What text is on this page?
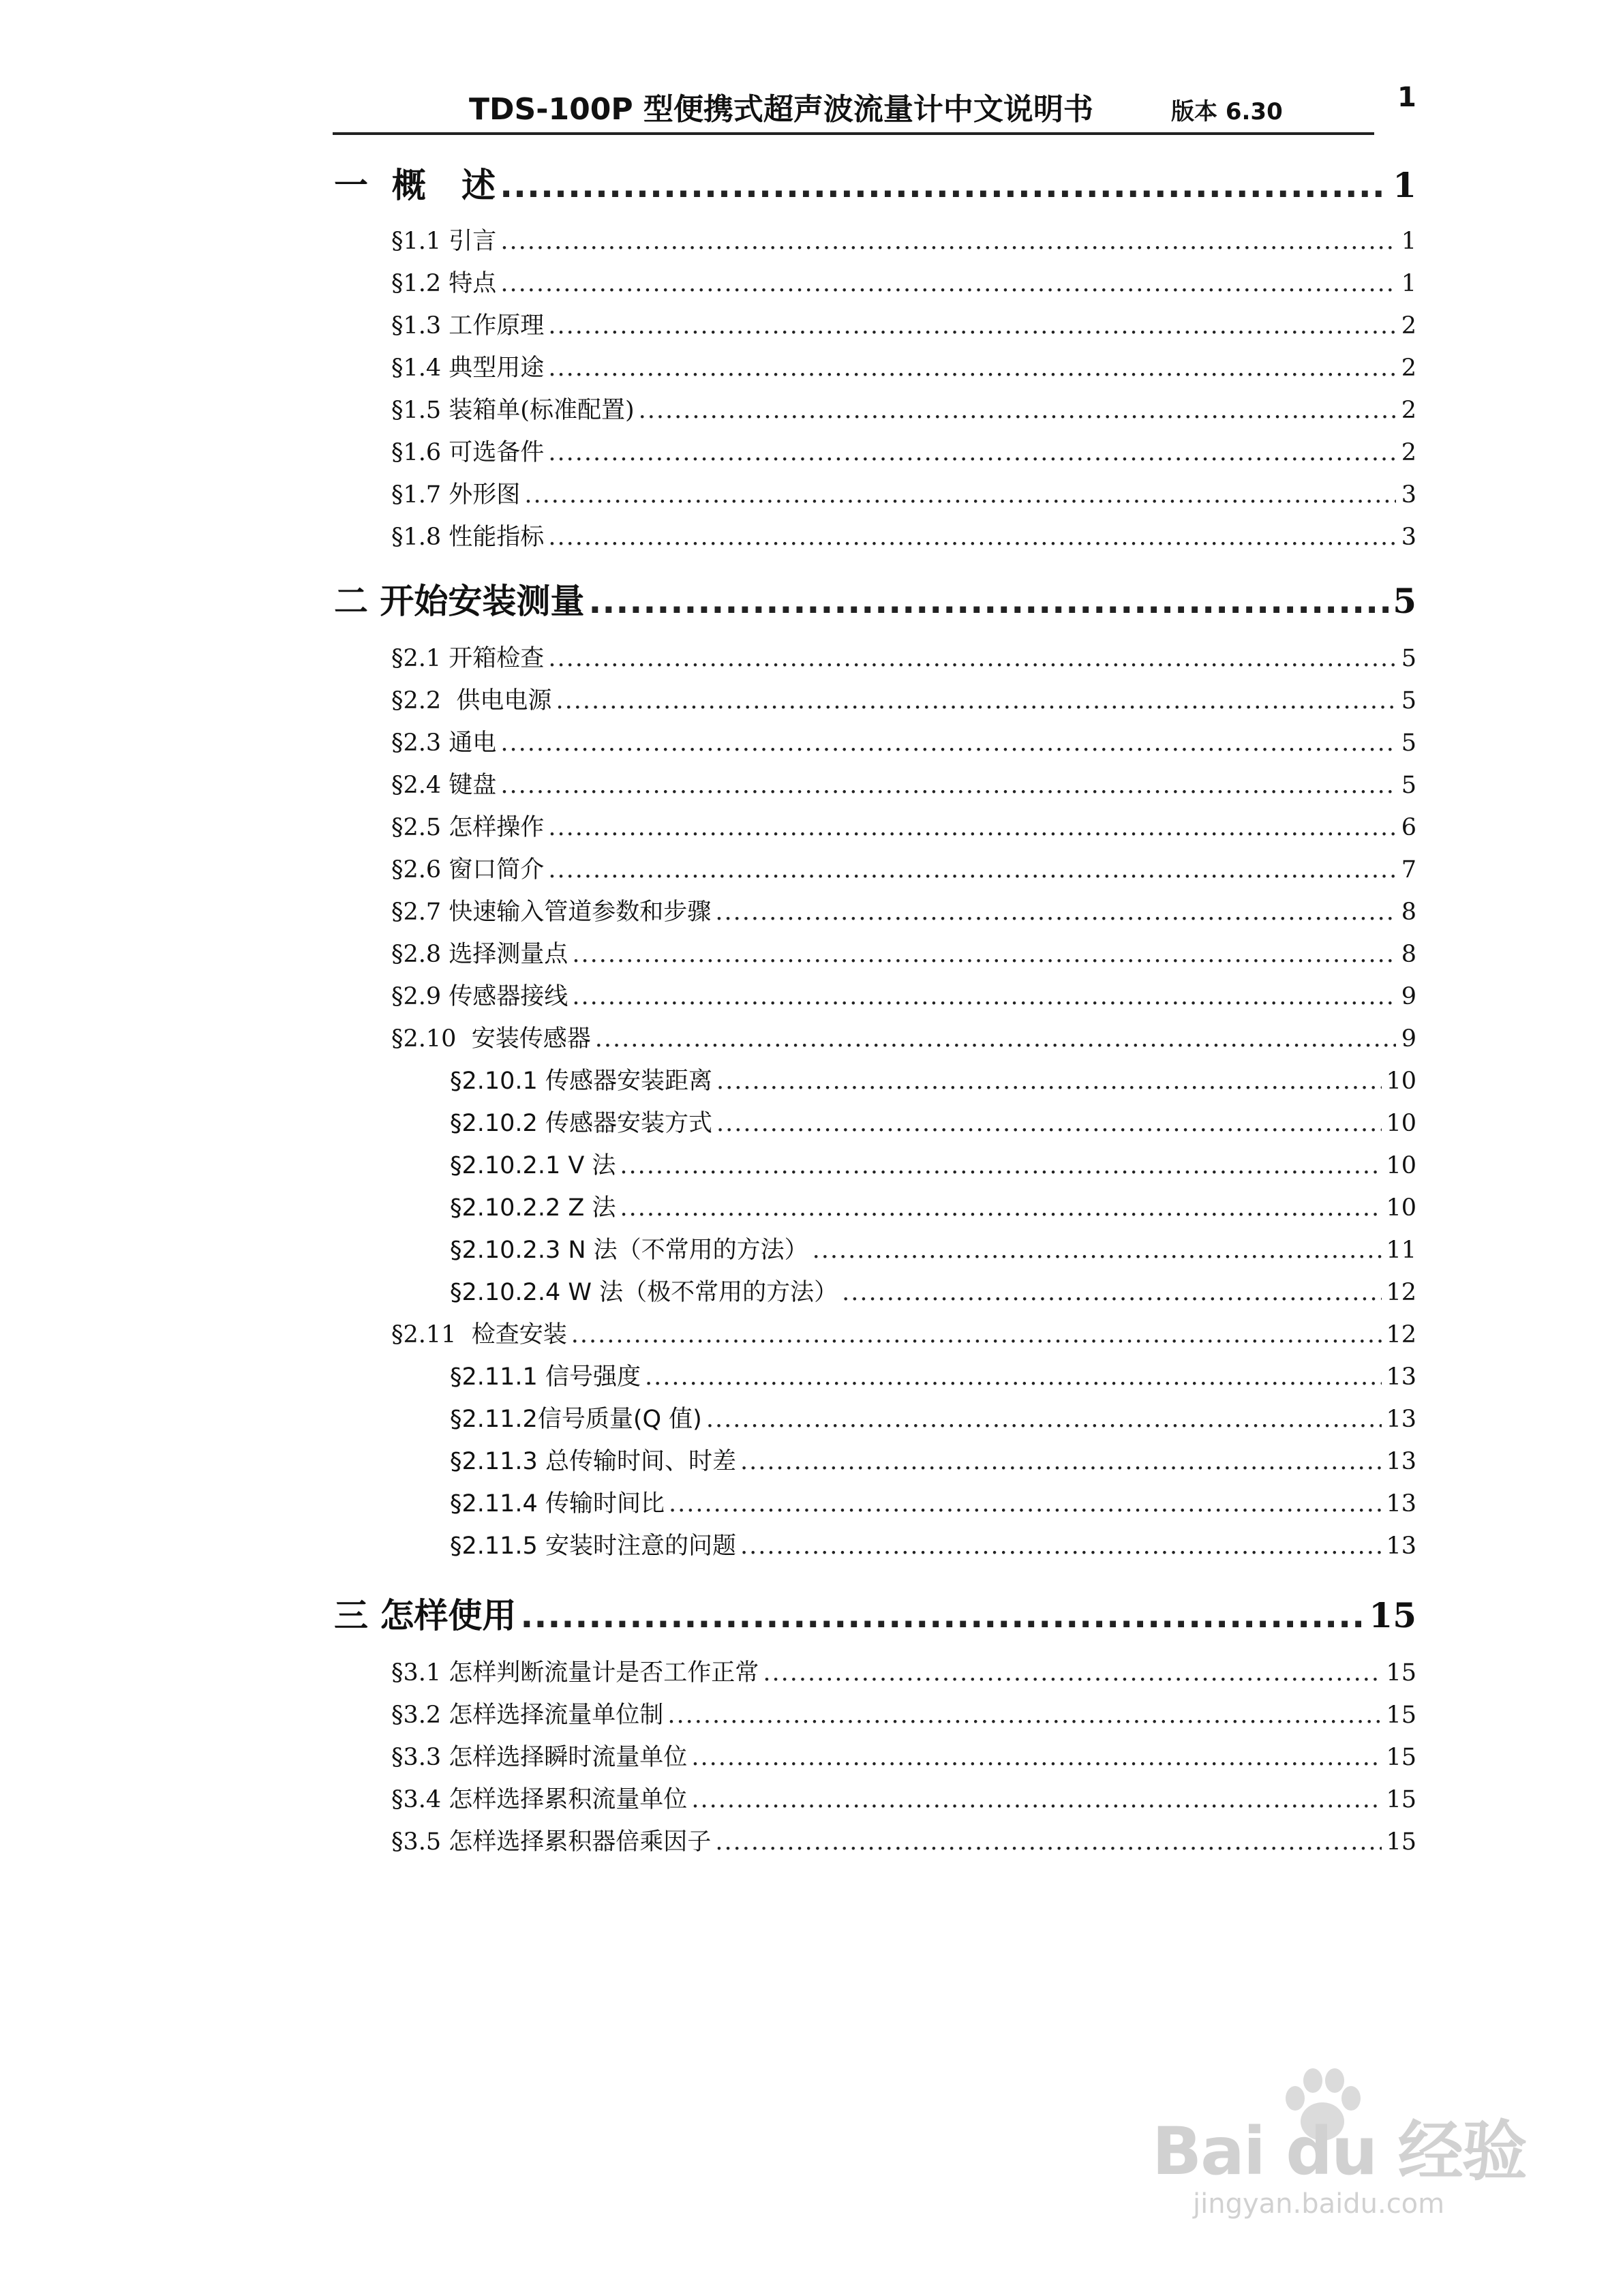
TDS-100P 型便携式超声波流量计中文说明书	版本 6.30	1
一  概 述 .....	1
§1.1 引言 .....	1
§1.2 特点 .....	1
§1.3 工作原理 .....	2
§1.4 典型用途 .....	2
§1.5 装箱单(标准配置) .....	2
§1.6 可选备件 .....	2
§1.7 外形图 .....	3
§1.8 性能指标 .....	3
二 开始安装测量 .....	5
§2.1 开箱检查 .....	5
§2.2 供电电源 .....	5
§2.3 通电 .....	5
§2.4 键盘 .....	5
§2.5 怎样操作 .....	6
§2.6 窗口简介 .....	7
§2.7 快速输入管道参数和步骤 .....	8
§2.8 选择测量点 .....	8
§2.9 传感器接线 .....	9
§2.10 安装传感器 .....	9
§2.10.1 传感器安装距离 .....	10
§2.10.2 传感器安装方式 .....	10
§2.10.2.1 V 法 .....	10
§2.10.2.2 Z 法 .....	10
§2.10.2.3 N 法（不常用的方法） .....	11
§2.10.2.4 W 法（极不常用的方法） .....	12
§2.11 检查安装 .....	12
§2.11.1 信号强度 .....	13
§2.11.2 信号质量(Q 值) .....	13
§2.11.3 总传输时间、时差 .....	13
§2.11.4 传输时间比 .....	13
§2.11.5 安装时注意的问题 .....	13
三 怎样使用 .....	15
§3.1 怎样判断流量计是否工作正常 .....	15
§3.2 怎样选择流量单位制 .....	15
§3.3 怎样选择瞬时流量单位 .....	15
§3.4 怎样选择累积流量单位 .....	15
§3.5 怎样选择累积器倍乘因子 .....	15
Bai du 经验
jingyan.baidu.com
